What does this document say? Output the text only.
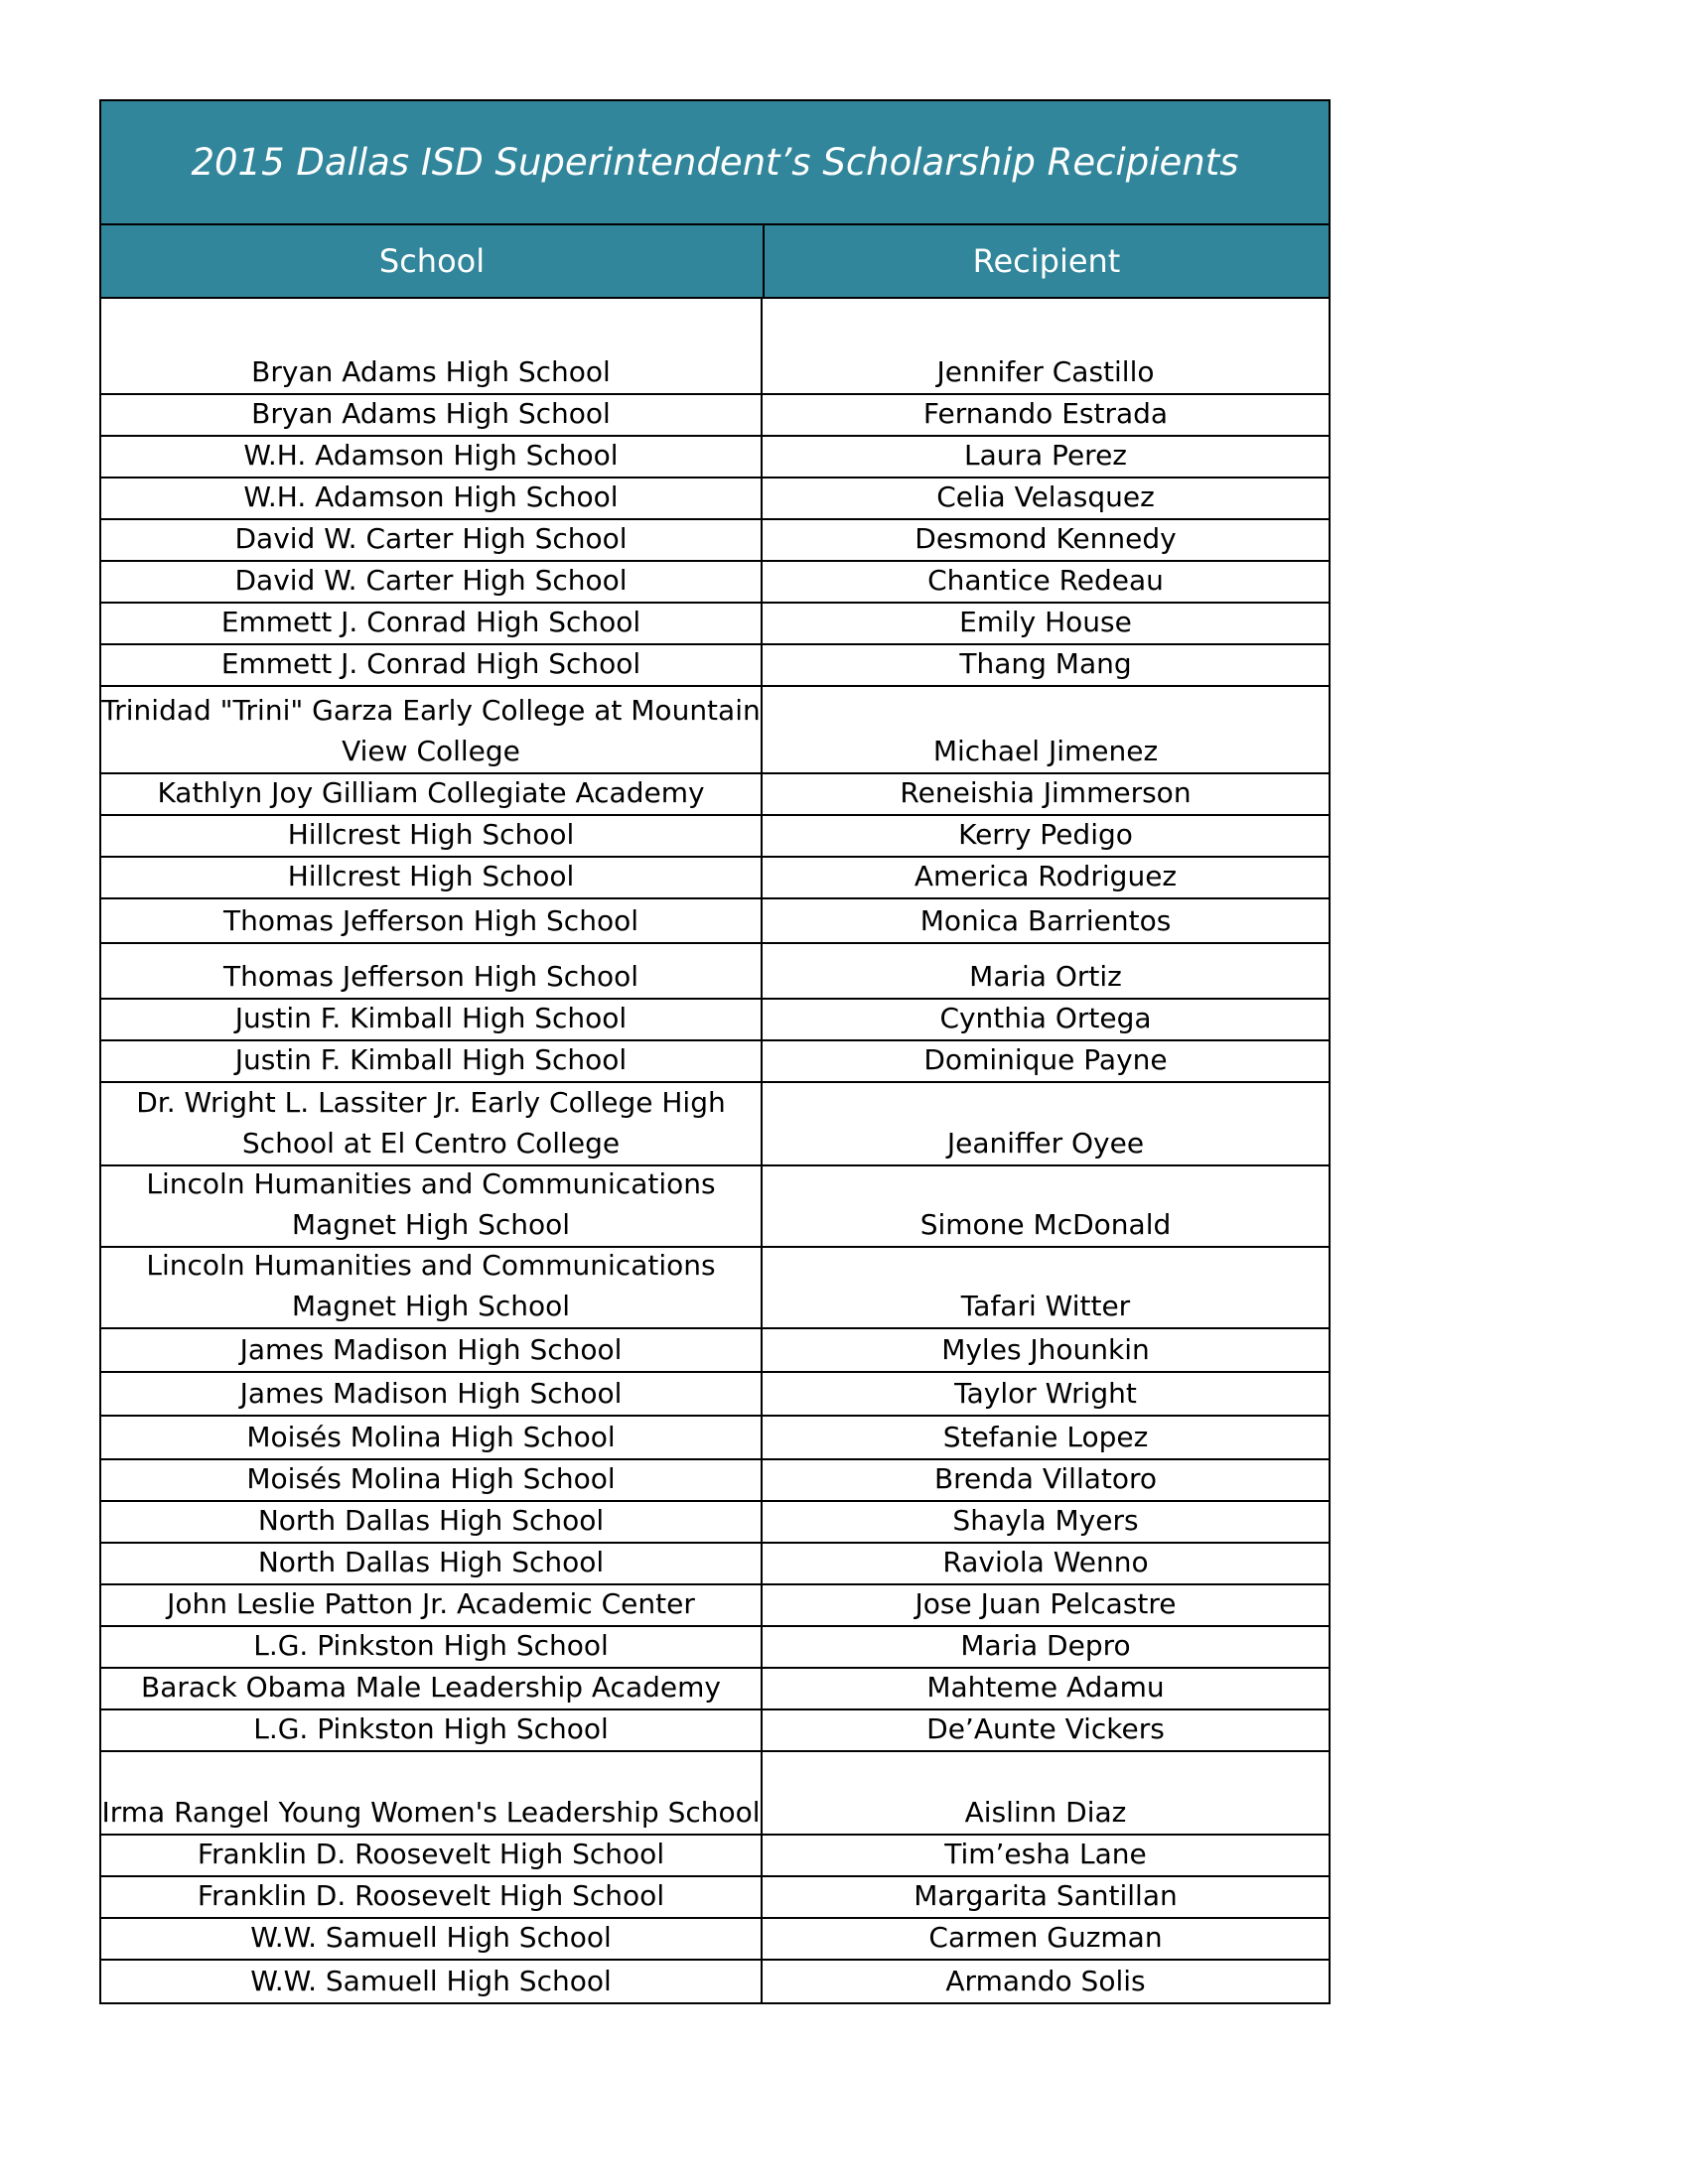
2015 Dallas ISD Superintendent’s Scholarship Recipients
School	Recipient
Bryan Adams High School	Jennifer Castillo
Bryan Adams High School	Fernando Estrada
W.H. Adamson High School	Laura Perez
W.H. Adamson High School	Celia Velasquez
David W. Carter High School	Desmond Kennedy
David W. Carter High School	Chantice Redeau
Emmett J. Conrad High School	Emily House
Emmett J. Conrad High School	Thang Mang
Trinidad "Trini" Garza Early College at Mountain View College	Michael Jimenez
Kathlyn Joy Gilliam Collegiate Academy	Reneishia Jimmerson
Hillcrest High School	Kerry Pedigo
Hillcrest High School	America Rodriguez
Thomas Jefferson High School	Monica Barrientos
Thomas Jefferson High School	Maria Ortiz
Justin F. Kimball High School	Cynthia Ortega
Justin F. Kimball High School	Dominique Payne
Dr. Wright L. Lassiter Jr. Early College High School at El Centro College	Jeaniffer Oyee
Lincoln Humanities and Communications Magnet High School	Simone McDonald
Lincoln Humanities and Communications Magnet High School	Tafari Witter
James Madison High School	Myles Jhounkin
James Madison High School	Taylor Wright
Moisés Molina High School	Stefanie Lopez
Moisés Molina High School	Brenda Villatoro
North Dallas High School	Shayla Myers
North Dallas High School	Raviola Wenno
John Leslie Patton Jr. Academic Center	Jose Juan Pelcastre
L.G. Pinkston High School	Maria Depro
Barack Obama Male Leadership Academy	Mahteme Adamu
L.G. Pinkston High School	De’Aunte Vickers
Irma Rangel Young Women's Leadership School	Aislinn Diaz
Franklin D. Roosevelt High School	Tim’esha Lane
Franklin D. Roosevelt High School	Margarita Santillan
W.W. Samuell High School	Carmen Guzman
W.W. Samuell High School	Armando Solis
